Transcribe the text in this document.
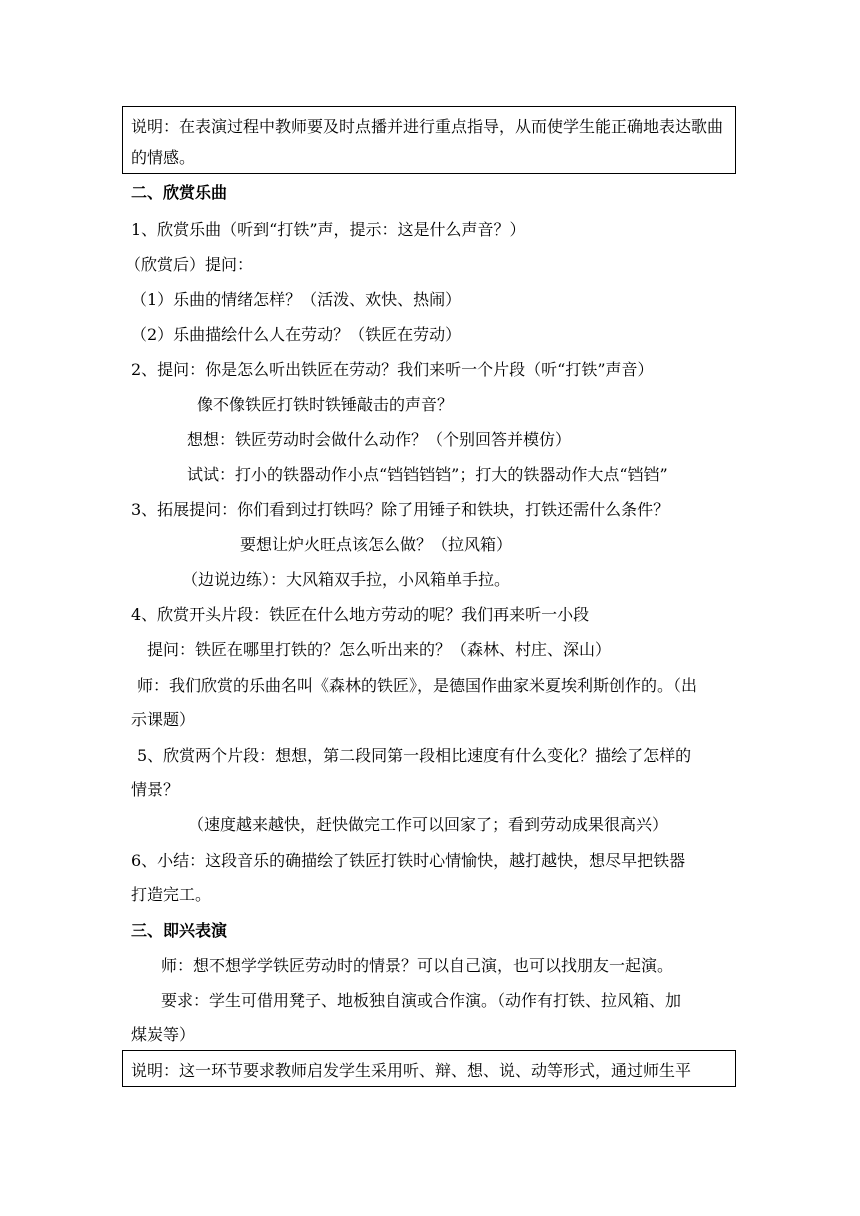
说明：在表演过程中教师要及时点播并进行重点指导，从而使学生能正确地表达歌曲的情感。
二、欣赏乐曲
1、欣赏乐曲（听到“打铁”声，提示：这是什么声音？）
（欣赏后）提问：
（1）乐曲的情绪怎样？（活泼、欢快、热闹）
（2）乐曲描绘什么人在劳动？（铁匠在劳动）
2、提问：你是怎么听出铁匠在劳动？我们来听一个片段（听“打铁”声音）
像不像铁匠打铁时铁锤敲击的声音？
想想：铁匠劳动时会做什么动作？（个别回答并模仿）
试试：打小的铁器动作小点“铛铛铛铛”；打大的铁器动作大点“铛铛”
3、拓展提问：你们看到过打铁吗？除了用锤子和铁块，打铁还需什么条件？
要想让炉火旺点该怎么做？（拉风箱）
（边说边练）：大风箱双手拉，小风箱单手拉。
4、欣赏开头片段：铁匠在什么地方劳动的呢？我们再来听一小段
提问：铁匠在哪里打铁的？怎么听出来的？（森林、村庄、深山）
师：我们欣赏的乐曲名叫《森林的铁匠》，是德国作曲家米夏埃利斯创作的。（出
示课题）
5、欣赏两个片段：想想，第二段同第一段相比速度有什么变化？描绘了怎样的
情景？
（速度越来越快，赶快做完工作可以回家了；看到劳动成果很高兴）
6、小结：这段音乐的确描绘了铁匠打铁时心情愉快，越打越快，想尽早把铁器
打造完工。
三、即兴表演
师：想不想学学铁匠劳动时的情景？可以自己演，也可以找朋友一起演。
要求：学生可借用凳子、地板独自演或合作演。（动作有打铁、拉风箱、加
煤炭等）
说明：这一环节要求教师启发学生采用听、辩、想、说、动等形式，通过师生平
